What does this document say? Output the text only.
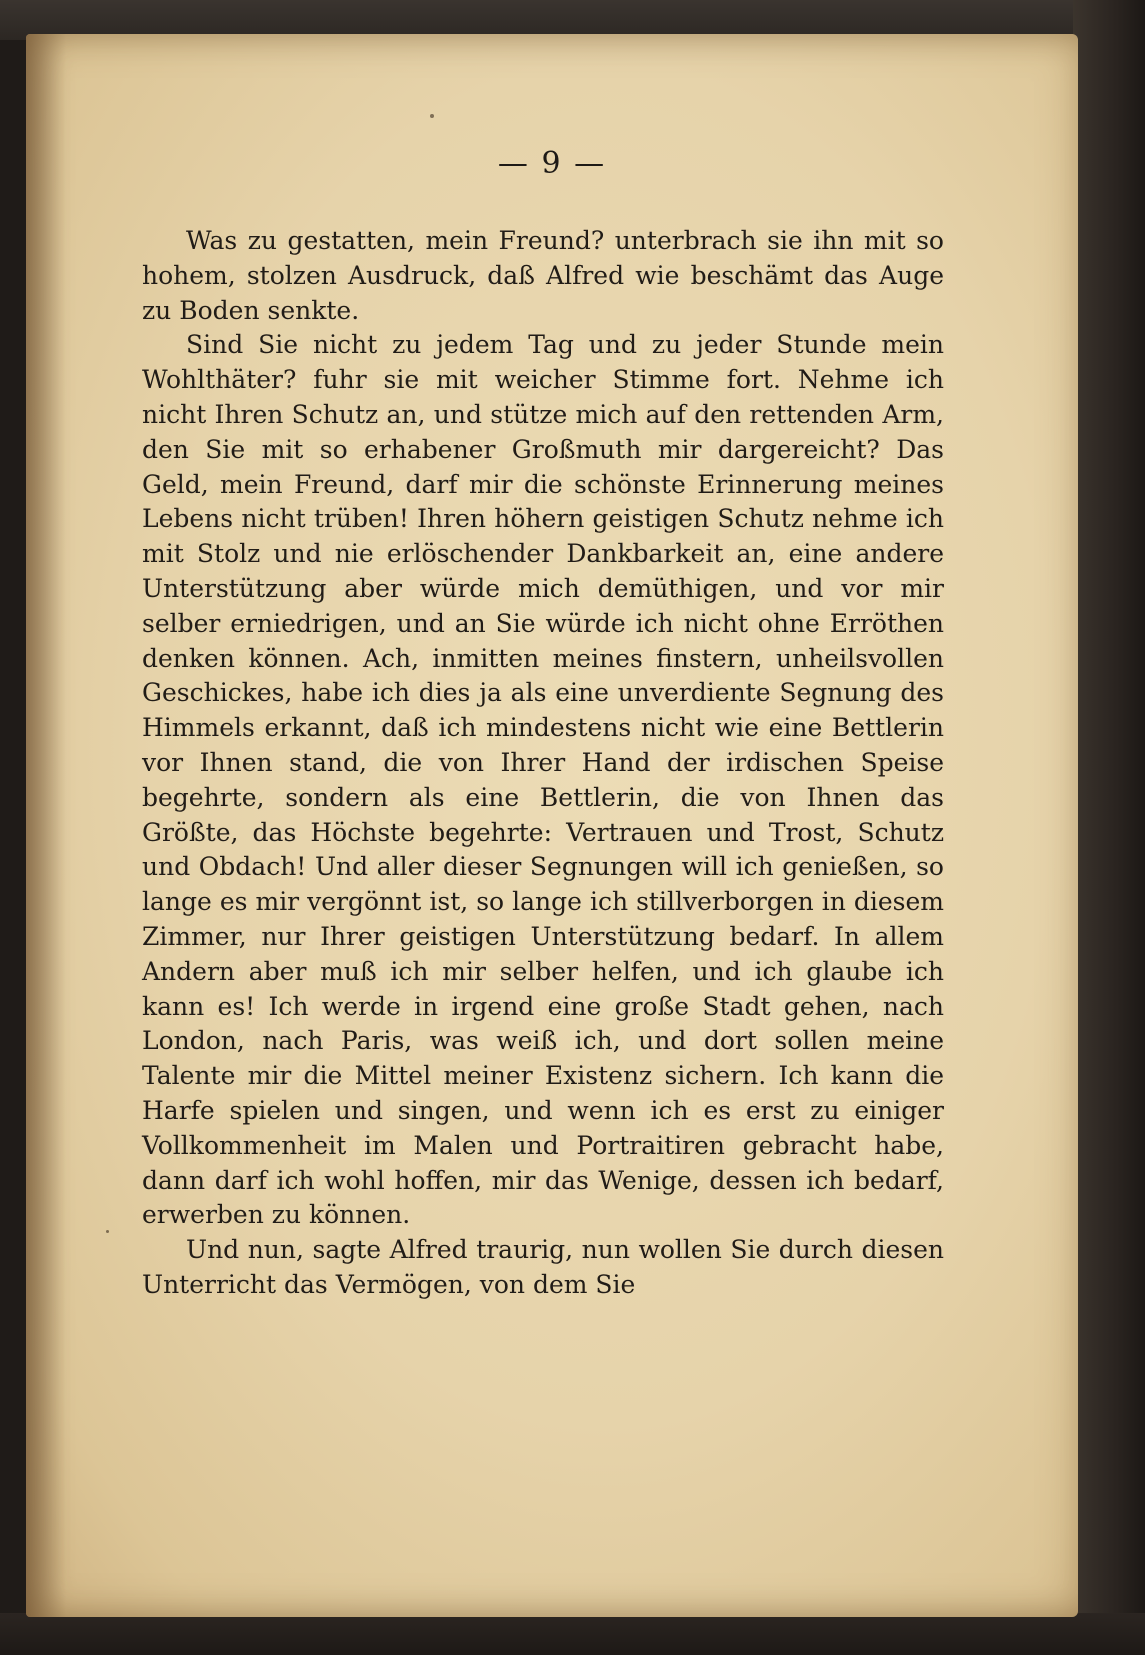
— 9 —

Was zu gestatten, mein Freund? unterbrach sie ihn mit so hohem, stolzen Ausdruck, daß Alfred wie beschämt das Auge zu Boden senkte.

Sind Sie nicht zu jedem Tag und zu jeder Stunde mein Wohlthäter? fuhr sie mit weicher Stimme fort. Nehme ich nicht Ihren Schutz an, und stütze mich auf den rettenden Arm, den Sie mit so erhabener Großmuth mir dargereicht? Das Geld, mein Freund, darf mir die schönste Erinnerung meines Lebens nicht trüben! Ihren höhern geistigen Schutz nehme ich mit Stolz und nie erlöschender Dankbarkeit an, eine andere Unterstützung aber würde mich demüthigen, und vor mir selber erniedrigen, und an Sie würde ich nicht ohne Erröthen denken können. Ach, inmitten meines finstern, unheilsvollen Geschickes, habe ich dies ja als eine unverdiente Segnung des Himmels erkannt, daß ich mindestens nicht wie eine Bettlerin vor Ihnen stand, die von Ihrer Hand der irdischen Speise begehrte, sondern als eine Bettlerin, die von Ihnen das Größte, das Höchste begehrte: Vertrauen und Trost, Schutz und Obdach! Und aller dieser Segnungen will ich genießen, so lange es mir vergönnt ist, so lange ich stillverborgen in diesem Zimmer, nur Ihrer geistigen Unterstützung bedarf. In allem Andern aber muß ich mir selber helfen, und ich glaube ich kann es! Ich werde in irgend eine große Stadt gehen, nach London, nach Paris, was weiß ich, und dort sollen meine Talente mir die Mittel meiner Existenz sichern. Ich kann die Harfe spielen und singen, und wenn ich es erst zu einiger Vollkommenheit im Malen und Portraitiren gebracht habe, dann darf ich wohl hoffen, mir das Wenige, dessen ich bedarf, erwerben zu können.

Und nun, sagte Alfred traurig, nun wollen Sie durch diesen Unterricht das Vermögen, von dem Sie
